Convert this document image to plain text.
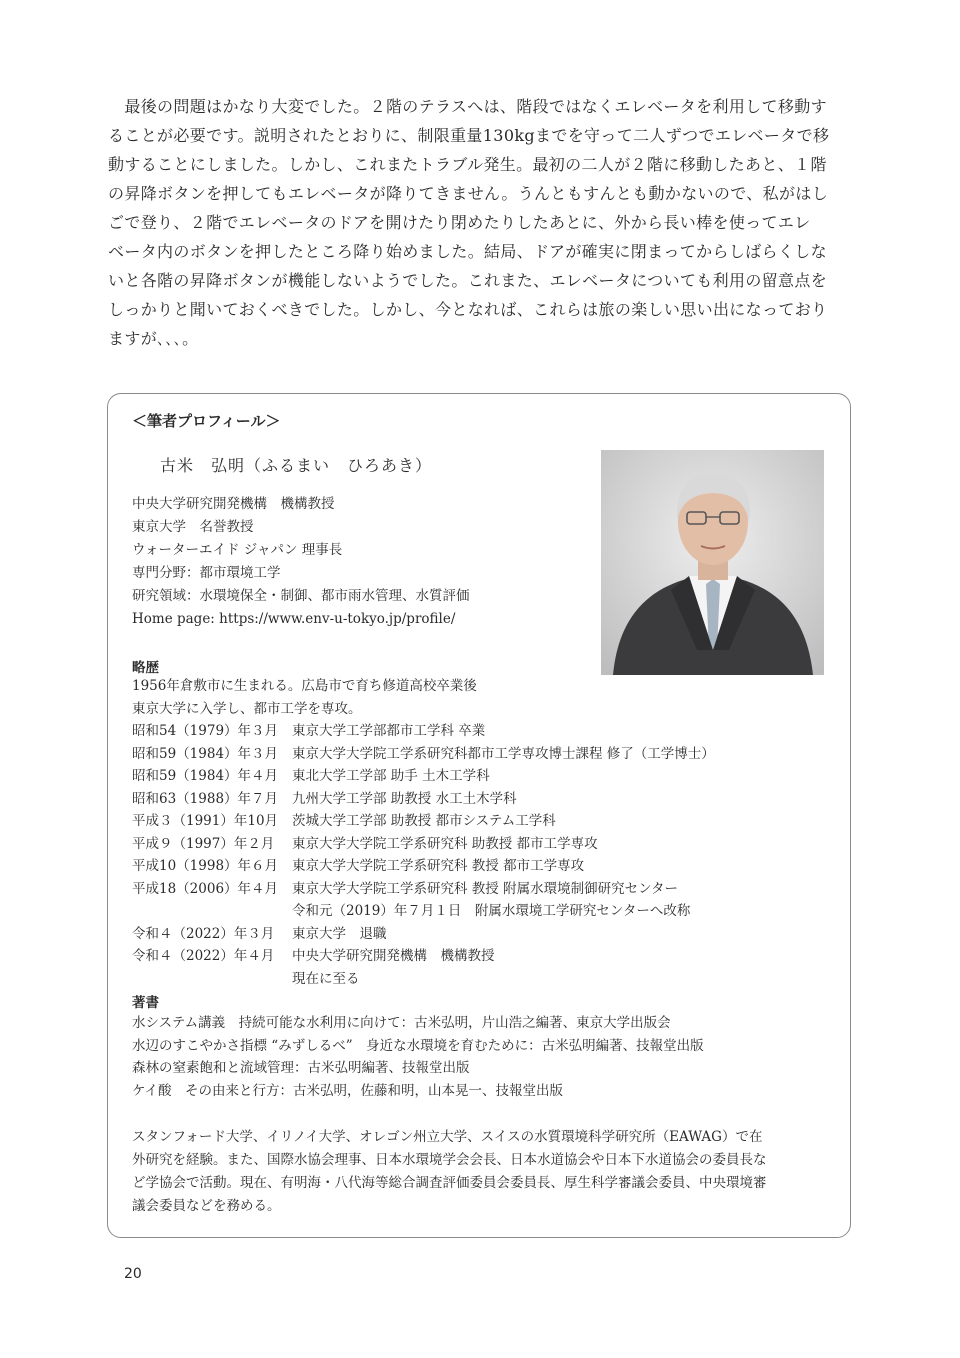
　最後の問題はかなり大変でした。２階のテラスへは、階段ではなくエレベータを利用して移動す
ることが必要です。説明されたとおりに、制限重量130kgまでを守って二人ずつでエレベータで移
動することにしました。しかし、これまたトラブル発生。最初の二人が２階に移動したあと、１階
の昇降ボタンを押してもエレベータが降りてきません。うんともすんとも動かないので、私がはし
ごで登り、２階でエレベータのドアを開けたり閉めたりしたあとに、外から長い棒を使ってエレ
ベータ内のボタンを押したところ降り始めました。結局、ドアが確実に閉まってからしばらくしな
いと各階の昇降ボタンが機能しないようでした。これまた、エレベータについても利用の留意点を
しっかりと聞いておくべきでした。しかし、今となれば、これらは旅の楽しい思い出になっており
ますが､､､｡
＜筆者プロフィール＞
古米　弘明（ふるまい　ひろあき）
中央大学研究開発機構　機構教授
東京大学　名誉教授
ウォーターエイド ジャパン 理事長
専門分野：都市環境工学
研究領域：水環境保全・制御、都市雨水管理、水質評価
Home page: https://www.env-u-tokyo.jp/profile/
略歴
1956年倉敷市に生まれる。広島市で育ち修道高校卒業後
東京大学に入学し、都市工学を専攻。
昭和54（1979）年３月 東京大学工学部都市工学科 卒業
昭和59（1984）年３月 東京大学大学院工学系研究科都市工学専攻博士課程 修了（工学博士）
昭和59（1984）年４月 東北大学工学部 助手 土木工学科
昭和63（1988）年７月 九州大学工学部 助教授 水工土木学科
平成３（1991）年10月 茨城大学工学部 助教授 都市システム工学科
平成９（1997）年２月 東京大学大学院工学系研究科 助教授 都市工学専攻
平成10（1998）年６月 東京大学大学院工学系研究科 教授 都市工学専攻
平成18（2006）年４月 東京大学大学院工学系研究科 教授 附属水環境制御研究センター
令和元（2019）年７月１日　附属水環境工学研究センターへ改称
令和４（2022）年３月 東京大学　退職
令和４（2022）年４月 中央大学研究開発機構　機構教授
現在に至る
著書
水システム講義　持続可能な水利用に向けて：古米弘明，片山浩之編著、東京大学出版会
水辺のすこやかさ指標 “みずしるべ”　身近な水環境を育むために：古米弘明編著、技報堂出版
森林の窒素飽和と流域管理：古米弘明編著、技報堂出版
ケイ酸　その由来と行方：古米弘明，佐藤和明，山本晃一、技報堂出版
スタンフォード大学、イリノイ大学、オレゴン州立大学、スイスの水質環境科学研究所（EAWAG）で在
外研究を経験。また、国際水協会理事、日本水環境学会会長、日本水道協会や日本下水道協会の委員長な
ど学協会で活動。現在、有明海・八代海等総合調査評価委員会委員長、厚生科学審議会委員、中央環境審
議会委員などを務める。
20
